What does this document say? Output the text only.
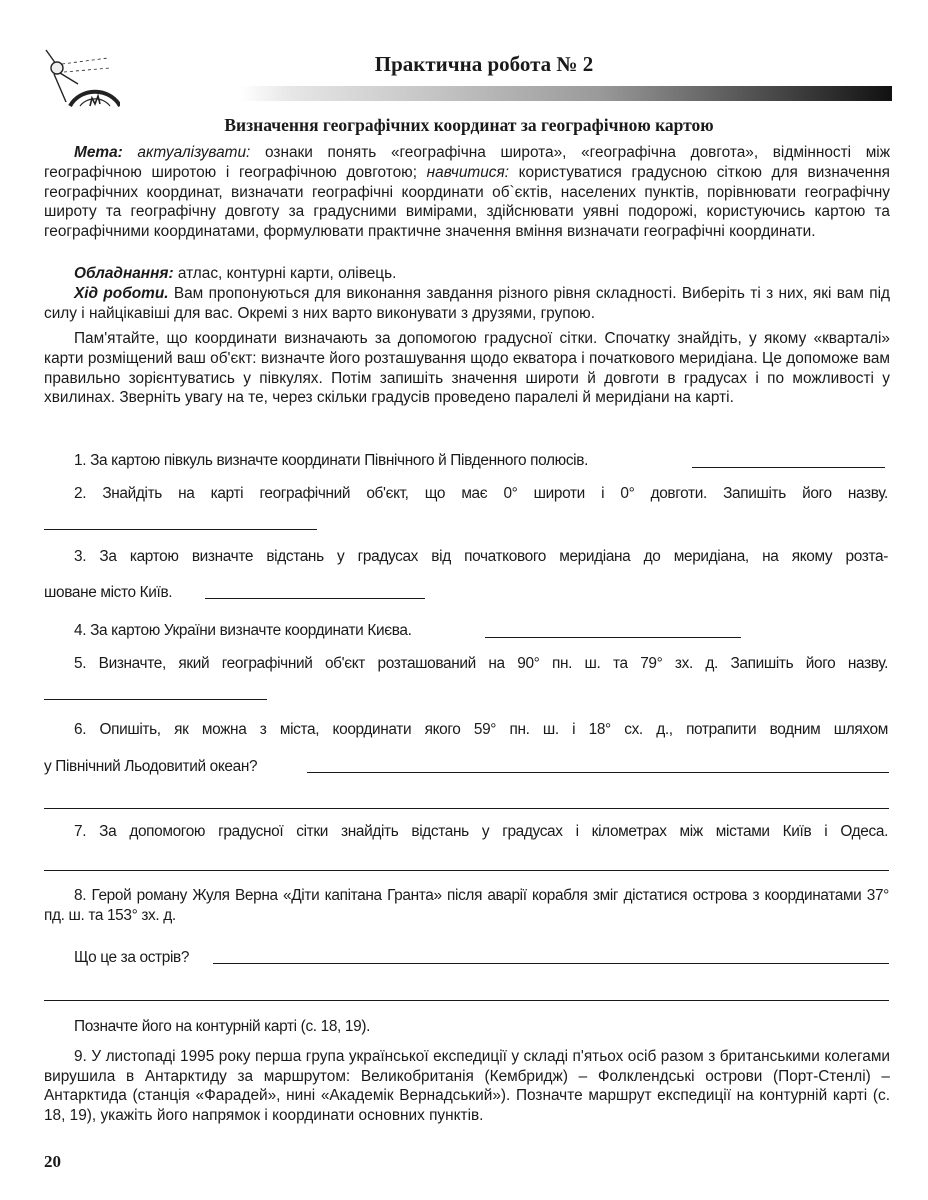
Практична робота № 2
Визначення географічних координат за географічною картою
Мета: актуалізувати: ознаки понять «географічна широта», «географічна довгота», відмінності між географічною широтою і географічною довготою; навчитися: користуватися градусною сіткою для визначення географічних координат, визначати географічні координати об`єктів, населених пунктів, порівнювати географічну широту та географічну довготу за градусними вимірами, здійснювати уявні подорожі, користуючись картою та географічними координатами, формулювати практичне значення вміння визначати географічні координати.
Обладнання: атлас, контурні карти, олівець.
Хід роботи. Вам пропонуються для виконання завдання різного рівня складності. Виберіть ті з них, які вам під силу і найцікавіші для вас. Окремі з них варто виконувати з друзями, групою.
Пам'ятайте, що координати визначають за допомогою градусної сітки. Спочатку знайдіть, у якому «кварталі» карти розміщений ваш об'єкт: визначте його розташування щодо екватора і початкового меридіана. Це допоможе вам правильно зорієнтуватись у півкулях. Потім запишіть значення широти й довготи в градусах і по можливості у хвилинах. Зверніть увагу на те, через скільки градусів проведено паралелі й меридіани на карті.
1. За картою півкуль визначте координати Північного й Південного полюсів.
2. Знайдіть на карті географічний об'єкт, що має 0° широти і 0° довготи. Запишіть його назву.
3. За картою визначте відстань у градусах від початкового меридіана до меридіана, на якому розта-
шоване місто Київ.
4. За картою України визначте координати Києва.
5. Визначте, який географічний об'єкт розташований на 90° пн. ш. та 79° зх. д. Запишіть його назву.
6. Опишіть, як можна з міста, координати якого 59° пн. ш. і 18° сх. д., потрапити водним шляхом
у Північний Льодовитий океан?
7. За допомогою градусної сітки знайдіть відстань у градусах і кілометрах між містами Київ і Одеса.
8. Герой роману Жуля Верна «Діти капітана Гранта» після аварії корабля зміг дістатися острова з координатами 37° пд. ш. та 153° зх. д.
Що це за острів?
Позначте його на контурній карті (с. 18, 19).
9. У листопаді 1995 року перша група української експедиції у складі п'ятьох осіб разом з британськими колегами вирушила в Антарктиду за маршрутом: Великобританія (Кембридж) – Фолклендські острови (Порт-Стенлі) – Антарктида (станція «Фарадей», нині «Академік Вернадський»). Позначте маршрут експедиції на контурній карті (с. 18, 19), укажіть його напрямок і координати основних пунктів.
20
